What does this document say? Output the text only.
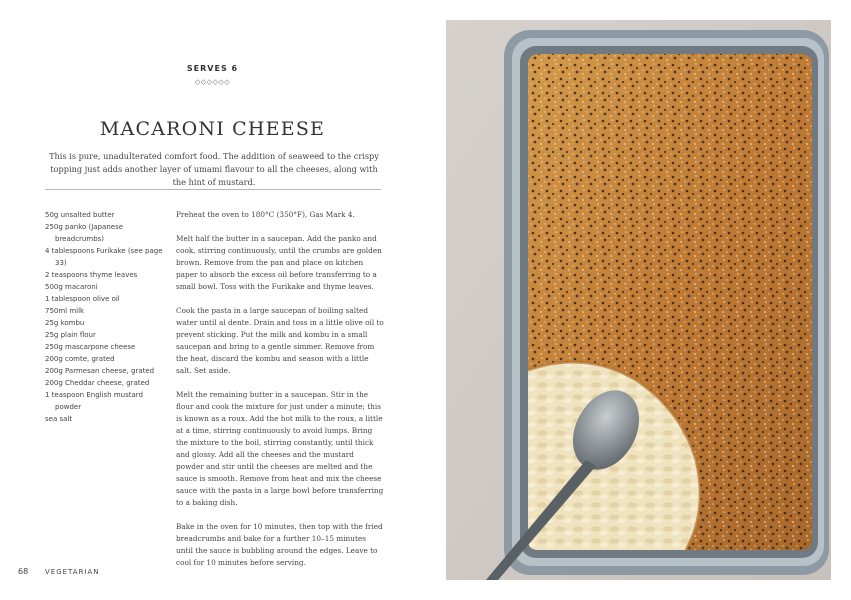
SERVES 6
◇◇◇◇◇◇
MACARONI CHEESE

This is pure, unadulterated comfort food. The addition of seaweed to the crispy topping just adds another layer of umami flavour to all the cheeses, along with the hint of mustard.

50g unsalted butter
250g panko (Japanese breadcrumbs)
4 tablespoons Furikake (see page 33)
2 teaspoons thyme leaves
500g macaroni
1 tablespoon olive oil
750ml milk
25g kombu
25g plain flour
250g mascarpone cheese
200g comte, grated
200g Parmesan cheese, grated
200g Cheddar cheese, grated
1 teaspoon English mustard powder
sea salt

Preheat the oven to 180°C (350°F), Gas Mark 4.

Melt half the butter in a saucepan. Add the panko and cook, stirring continuously, until the crumbs are golden brown. Remove from the pan and place on kitchen paper to absorb the excess oil before transferring to a small bowl. Toss with the Furikake and thyme leaves.

Cook the pasta in a large saucepan of boiling salted water until al dente. Drain and toss in a little olive oil to prevent sticking. Put the milk and kombu in a small saucepan and bring to a gentle simmer. Remove from the heat, discard the kombu and season with a little salt. Set aside.

Melt the remaining butter in a saucepan. Stir in the flour and cook the mixture for just under a minute; this is known as a roux. Add the hot milk to the roux, a little at a time, stirring continuously to avoid lumps. Bring the mixture to the boil, stirring constantly, until thick and glossy. Add all the cheeses and the mustard powder and stir until the cheeses are melted and the sauce is smooth. Remove from heat and mix the cheese sauce with the pasta in a large bowl before transferring to a baking dish.

Bake in the oven for 10 minutes, then top with the fried breadcrumbs and bake for a further 10–15 minutes until the sauce is bubbling around the edges. Leave to cool for 10 minutes before serving.

68 VEGETARIAN
